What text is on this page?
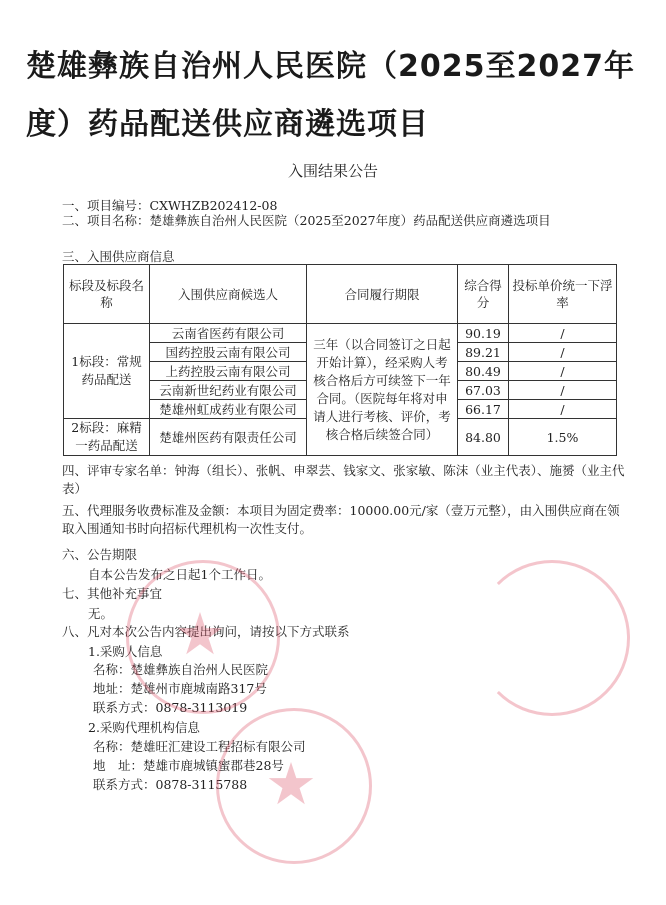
楚雄彝族自治州人民医院（2025至2027年度）药品配送供应商遴选项目
入围结果公告
一、项目编号：CXWHZB202412-08
二、项目名称：楚雄彝族自治州人民医院（2025至2027年度）药品配送供应商遴选项目
三、入围供应商信息
标段及标段名称	入围供应商候选人	合同履行期限	综合得分	投标单价统一下浮率
1标段：常规药品配送	云南省医药有限公司	三年（以合同签订之日起开始计算），经采购人考核合格后方可续签下一年合同。（医院每年将对申请人进行考核、评价，考核合格后续签合同）	90.19	/
	国药控股云南有限公司		89.21	/
	上药控股云南有限公司		80.49	/
	云南新世纪药业有限公司		67.03	/
	楚雄州虹成药业有限公司		66.17	/
2标段：麻精一药品配送	楚雄州医药有限责任公司		84.80	1.5%
四、评审专家名单：钟海（组长）、张帆、申翠芸、钱家文、张家敏、陈沫（业主代表）、施赟（业主代表）
五、代理服务收费标准及金额：本项目为固定费率：10000.00元/家（壹万元整），由入围供应商在领取入围通知书时向招标代理机构一次性支付。
六、公告期限
自本公告发布之日起1个工作日。
七、其他补充事宜
无。
八、凡对本次公告内容提出询问，请按以下方式联系
1.采购人信息
名称：楚雄彝族自治州人民医院
地址：楚雄州市鹿城南路317号
联系方式：0878-3113019
2.采购代理机构信息
名称：楚雄旺汇建设工程招标有限公司
地　址：楚雄市鹿城镇蜜郡巷28号
联系方式：0878-3115788
★
★
